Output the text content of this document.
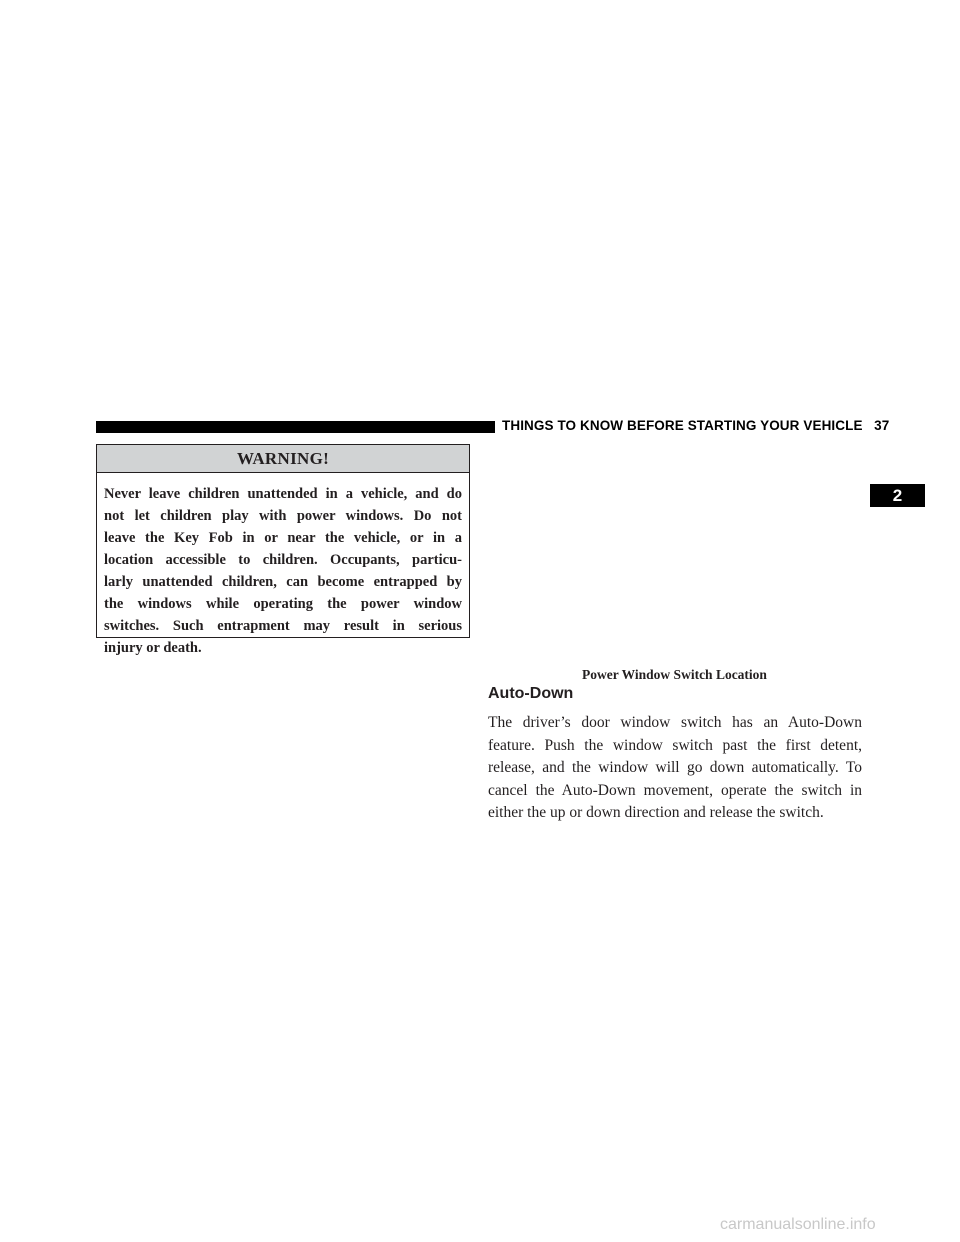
THINGS TO KNOW BEFORE STARTING YOUR VEHICLE 37
2
WARNING!
Never leave children unattended in a vehicle, and do
not let children play with power windows. Do not
leave the Key Fob in or near the vehicle, or in a
location accessible to children. Occupants, particu-
larly unattended children, can become entrapped by
the windows while operating the power window
switches. Such entrapment may result in serious
injury or death.
Power Window Switch Location
Auto-Down
The driver’s door window switch has an Auto-Down
feature. Push the window switch past the first detent,
release, and the window will go down automatically. To
cancel the Auto-Down movement, operate the switch in
either the up or down direction and release the switch.
carmanualsonline.info
